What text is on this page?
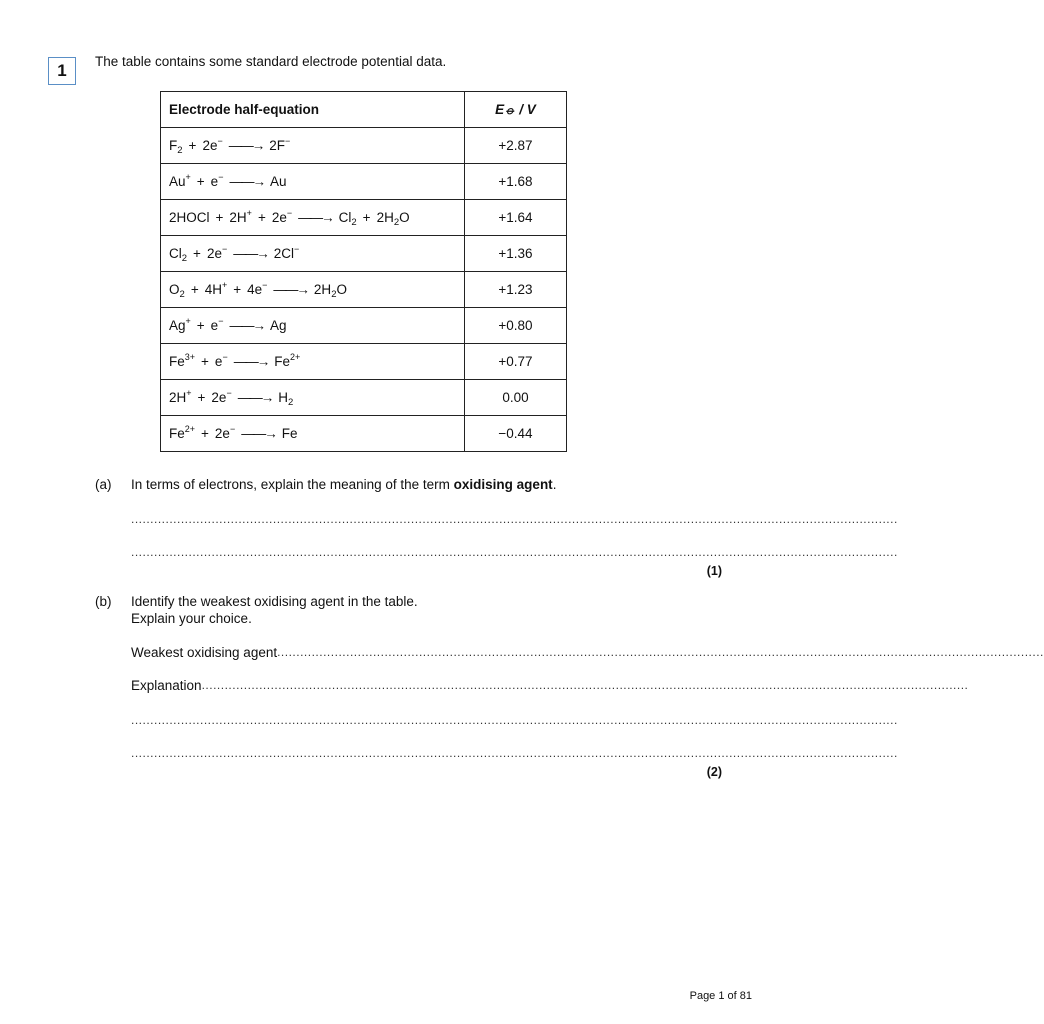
1 The table contains some standard electrode potential data.
Electrode half-equation	E⦵ / V
$F_2 + 2e^-$ ——→ 2F−	+2.87
Au+ + e− ——→ Au	+1.68
2HOCl + 2H+ + 2e− ——→ $Cl_2 + 2H_2O$	+1.64
$Cl_2 + 2e^-$ ——→ 2Cl−	+1.36
$O_2 + 4H^+ + 4e^-$ ——→ $2H_2O$	+1.23
Ag+ + e− ——→ Ag	+0.80
$Fe^{3+} + e^-$ ——→ $Fe^{2+}$	+0.77
2H+ + 2e− ——→ $H_2$	0.00
$Fe^{2+} + 2e^-$ ——→ Fe	−0.44
(a) In terms of electrons, explain the meaning of the term oxidising agent.
........................................................................................................................................................................................................
........................................................................................................................................................................................................
(1)
(b) Identify the weakest oxidising agent in the table.
Explain your choice.
Weakest oxidising agent ........................................................................................................................................................................................................
Explanation ........................................................................................................................................................................................................
........................................................................................................................................................................................................
........................................................................................................................................................................................................
(2)
Page 1 of 81
